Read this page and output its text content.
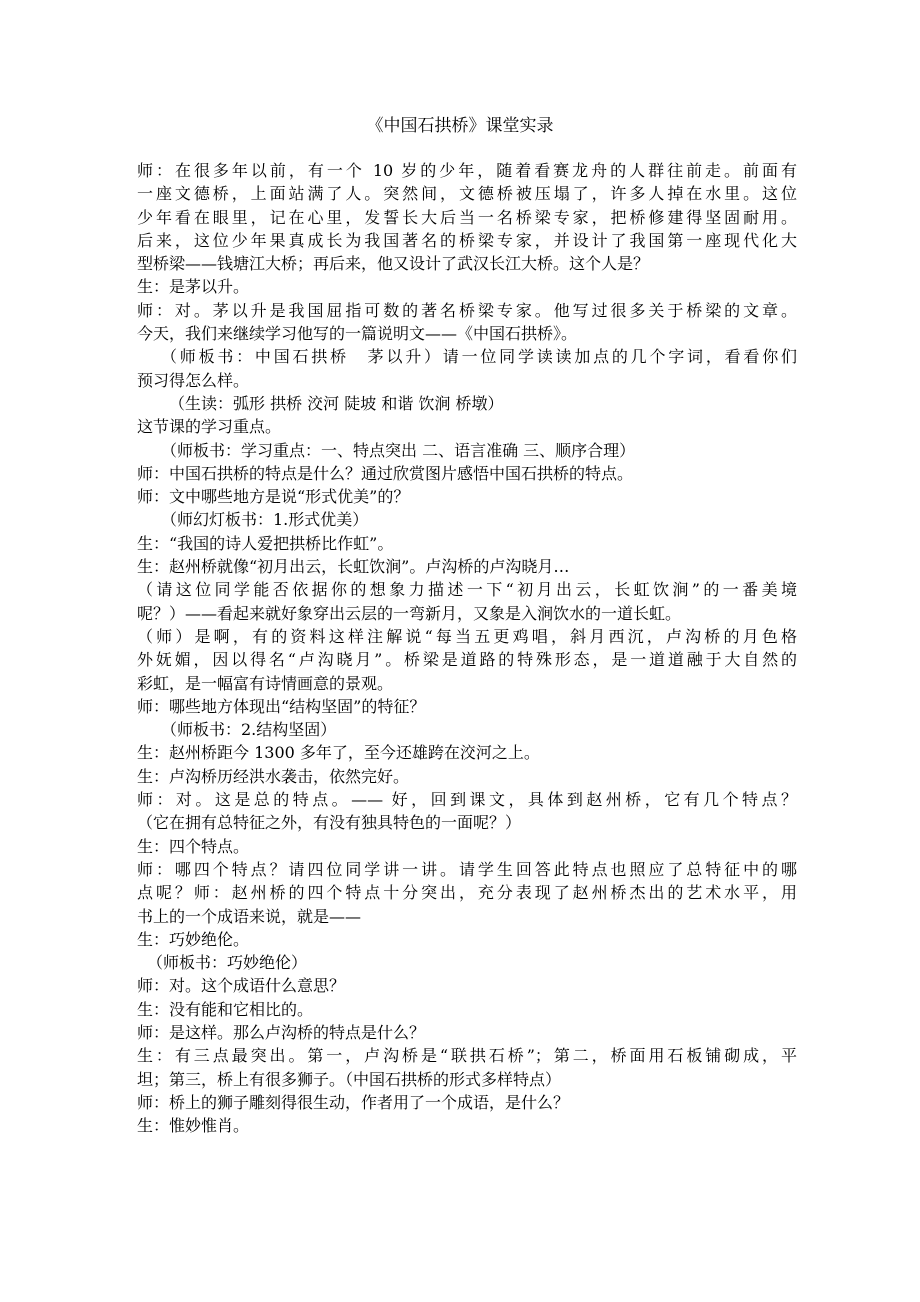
《中国石拱桥》课堂实录
师：在很多年以前，有一个 10 岁的少年，随着看赛龙舟的人群往前走。前面有
一座文德桥，上面站满了人。突然间，文德桥被压塌了，许多人掉在水里。这位
少年看在眼里，记在心里，发誓长大后当一名桥梁专家，把桥修建得坚固耐用。
后来，这位少年果真成长为我国著名的桥梁专家，并设计了我国第一座现代化大
型桥梁——钱塘江大桥；再后来，他又设计了武汉长江大桥。这个人是？
生：是茅以升。
师：对。茅以升是我国屈指可数的著名桥梁专家。他写过很多关于桥梁的文章。
今天，我们来继续学习他写的一篇说明文——《中国石拱桥》。
（师板书：中国石拱桥　茅以升）请一位同学读读加点的几个字词，看看你们
预习得怎么样。
（生读：弧形 拱桥 洨河 陡坡 和谐 饮涧 桥墩）
这节课的学习重点。
（师板书：学习重点：一、特点突出 二、语言准确 三、顺序合理）
师：中国石拱桥的特点是什么？通过欣赏图片感悟中国石拱桥的特点。
师：文中哪些地方是说“形式优美”的？
（师幻灯板书：1.形式优美）
生：“我国的诗人爱把拱桥比作虹”。
生：赵州桥就像“初月出云，长虹饮涧”。卢沟桥的卢沟晓月…
（请这位同学能否依据你的想象力描述一下“初月出云，长虹饮涧”的一番美境
呢？）——看起来就好象穿出云层的一弯新月，又象是入涧饮水的一道长虹。
（师）是啊，有的资料这样注解说“每当五更鸡唱，斜月西沉，卢沟桥的月色格
外妩媚，因以得名“卢沟晓月”。桥梁是道路的特殊形态，是一道道融于大自然的
彩虹，是一幅富有诗情画意的景观。
师：哪些地方体现出“结构坚固”的特征？
（师板书：2.结构坚固）
生：赵州桥距今 1300 多年了，至今还雄跨在洨河之上。
生：卢沟桥历经洪水袭击，依然完好。
师：对。这是总的特点。—— 好，回到课文，具体到赵州桥，它有几个特点？
（它在拥有总特征之外，有没有独具特色的一面呢？）
生：四个特点。
师：哪四个特点？请四位同学讲一讲。请学生回答此特点也照应了总特征中的哪
点呢？师：赵州桥的四个特点十分突出，充分表现了赵州桥杰出的艺术水平，用
书上的一个成语来说，就是——
生：巧妙绝伦。
（师板书：巧妙绝伦）
师：对。这个成语什么意思？
生：没有能和它相比的。
师：是这样。那么卢沟桥的特点是什么？
生：有三点最突出。第一，卢沟桥是“联拱石桥”；第二，桥面用石板铺砌成，平
坦；第三，桥上有很多狮子。（中国石拱桥的形式多样特点）
师：桥上的狮子雕刻得很生动，作者用了一个成语，是什么？
生：惟妙惟肖。
